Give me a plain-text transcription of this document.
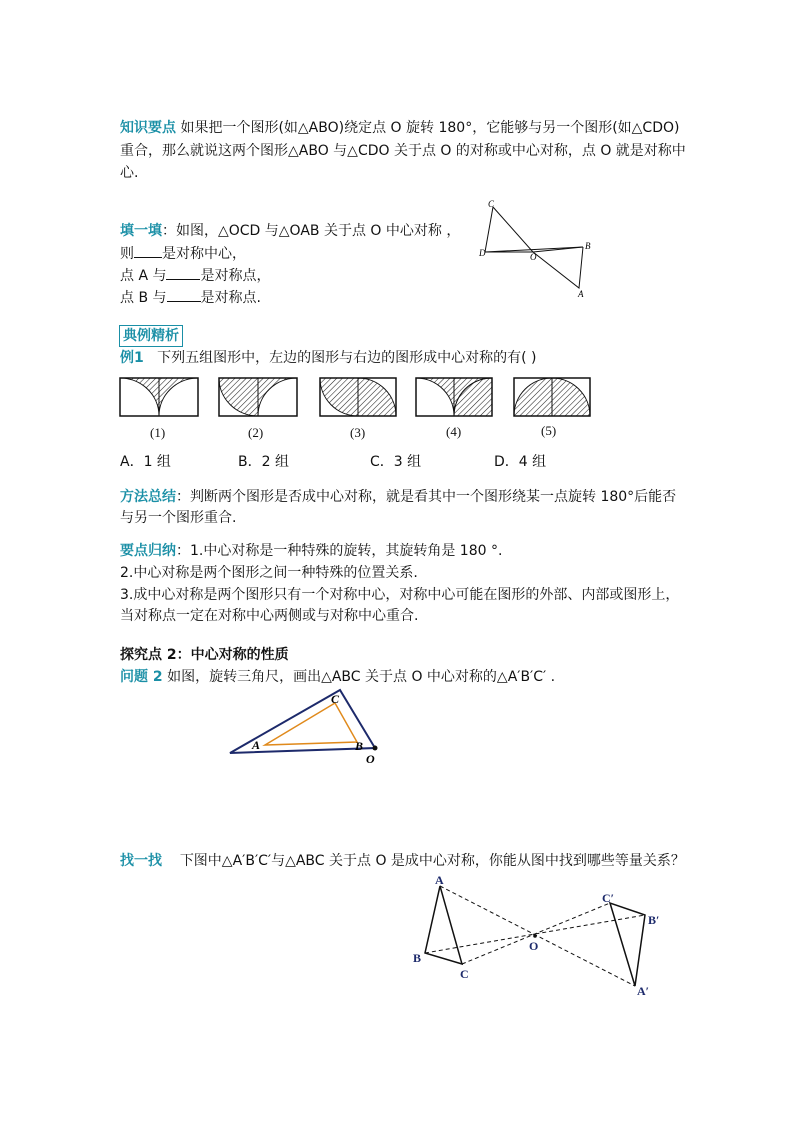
知识要点 如果把一个图形(如△ABO)绕定点 O 旋转 180°，它能够与另一个图形(如△CDO)
重合，那么就说这两个图形△ABO 与△CDO 关于点 O 的对称或中心对称，点 O 就是对称中
心.
填一填：如图，△OCD 与△OAB 关于点 O 中心对称 ，
则 是对称中心，
点 A 与 是对称点，
点 B 与 是对称点.
C
D	O
B
A
典例精析
例1 下列五组图形中，左边的图形与右边的图形成中心对称的有( )
(1)	(2)	(3)	(4)	(5)
A．1 组	B．2 组	C．3 组	D．4 组
方法总结：判断两个图形是否成中心对称，就是看其中一个图形绕某一点旋转 180°后能否
与另一个图形重合.
要点归纳：1.中心对称是一种特殊的旋转，其旋转角是 180 °.
2.中心对称是两个图形之间一种特殊的位置关系.
3.成中心对称是两个图形只有一个对称中心，对称中心可能在图形的外部、内部或图形上，
当对称点一定在对称中心两侧或与对称中心重合.
探究点 2：中心对称的性质
问题 2 如图，旋转三角尺，画出△ABC 关于点 O 中心对称的△A′B′C′ .
C
A	B
O
找一找 下图中△A′B′C′与△ABC 关于点 O 是成中心对称，你能从图中找到哪些等量关系？
A
B
C
O
C′
B′
A′
